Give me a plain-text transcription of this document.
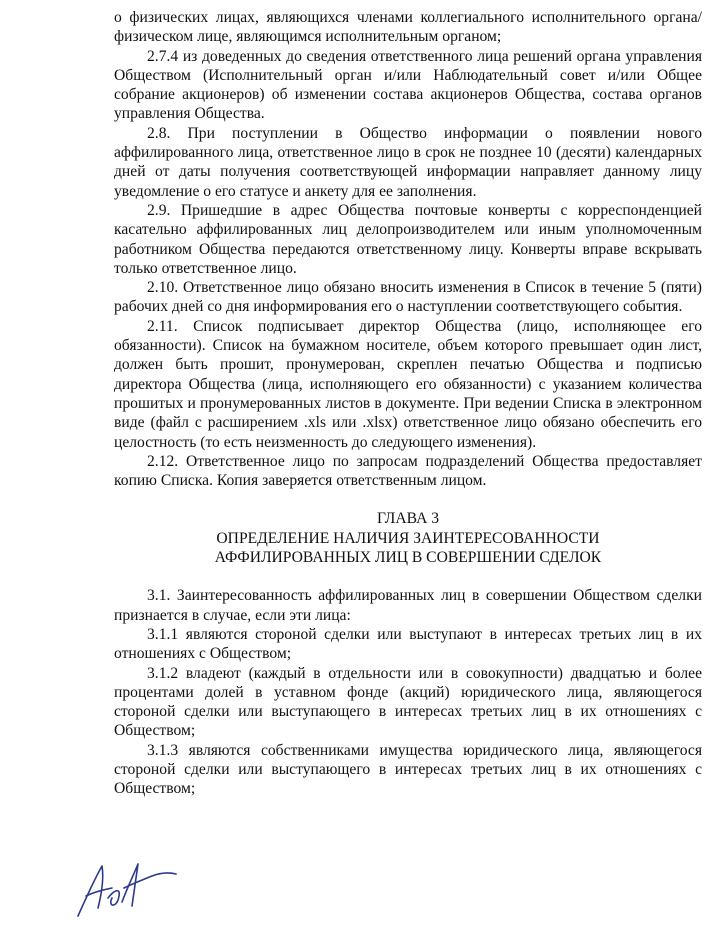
о физических лицах, являющихся членами коллегиального исполнительного органа/физическом лице, являющимся исполнительным органом;

2.7.4 из доведенных до сведения ответственного лица решений органа управления Обществом (Исполнительный орган и/или Наблюдательный совет и/или Общее собрание акционеров) об изменении состава акционеров Общества, состава органов управления Общества.

2.8. При поступлении в Общество информации о появлении нового аффилированного лица, ответственное лицо в срок не позднее 10 (десяти) календарных дней от даты получения соответствующей информации направляет данному лицу уведомление о его статусе и анкету для ее заполнения.

2.9. Пришедшие в адрес Общества почтовые конверты с корреспонденцией касательно аффилированных лиц делопроизводителем или иным уполномоченным работником Общества передаются ответственному лицу. Конверты вправе вскрывать только ответственное лицо.

2.10. Ответственное лицо обязано вносить изменения в Список в течение 5 (пяти) рабочих дней со дня информирования его о наступлении соответствующего события.

2.11. Список подписывает директор Общества (лицо, исполняющее его обязанности). Список на бумажном носителе, объем которого превышает один лист, должен быть прошит, пронумерован, скреплен печатью Общества и подписью директора Общества (лица, исполняющего его обязанности) с указанием количества прошитых и пронумерованных листов в документе. При ведении Списка в электронном виде (файл с расширением .xls или .xlsx) ответственное лицо обязано обеспечить его целостность (то есть неизменность до следующего изменения).

2.12. Ответственное лицо по запросам подразделений Общества предоставляет копию Списка. Копия заверяется ответственным лицом.

ГЛАВА 3

ОПРЕДЕЛЕНИЕ НАЛИЧИЯ ЗАИНТЕРЕСОВАННОСТИ

АФФИЛИРОВАННЫХ ЛИЦ В СОВЕРШЕНИИ СДЕЛОК

3.1. Заинтересованность аффилированных лиц в совершении Обществом сделки признается в случае, если эти лица:

3.1.1 являются стороной сделки или выступают в интересах третьих лиц в их отношениях с Обществом;

3.1.2 владеют (каждый в отдельности или в совокупности) двадцатью и более процентами долей в уставном фонде (акций) юридического лица, являющегося стороной сделки или выступающего в интересах третьих лиц в их отношениях с Обществом;

3.1.3 являются собственниками имущества юридического лица, являющегося стороной сделки или выступающего в интересах третьих лиц в их отношениях с Обществом;
